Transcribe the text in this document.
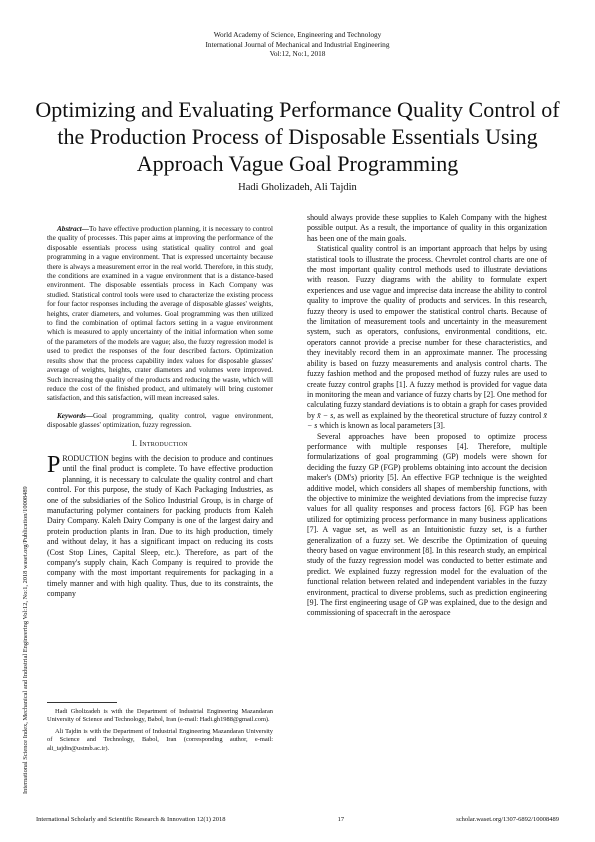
World Academy of Science, Engineering and Technology
International Journal of Mechanical and Industrial Engineering
Vol:12, No:1, 2018
Optimizing and Evaluating Performance Quality Control of the Production Process of Disposable Essentials Using Approach Vague Goal Programming
Hadi Gholizadeh, Ali Tajdin
International Science Index, Mechanical and Industrial Engineering Vol:12, No:1, 2018 waset.org/Publication/10008489

Abstract—To have effective production planning, it is necessary to control the quality of processes. This paper aims at improving the performance of the disposable essentials process using statistical quality control and goal programming in a vague environment. That is expressed uncertainty because there is always a measurement error in the real world. Therefore, in this study, the conditions are examined in a vague environment that is a distance-based environment. The disposable essentials process in Kach Company was studied. Statistical control tools were used to characterize the existing process for four factor responses including the average of disposable glasses' weights, heights, crater diameters, and volumes. Goal programming was then utilized to find the combination of optimal factors setting in a vague environment which is measured to apply uncertainty of the initial information when some of the parameters of the models are vague; also, the fuzzy regression model is used to predict the responses of the four described factors. Optimization results show that the process capability index values for disposable glasses' average of weights, heights, crater diameters and volumes were improved. Such increasing the quality of the products and reducing the waste, which will reduce the cost of the finished product, and ultimately will bring customer satisfaction, and this satisfaction, will mean increased sales.

Keywords—Goal programming, quality control, vague environment, disposable glasses' optimization, fuzzy regression.

I. Introduction

PRODUCTION begins with the decision to produce and continues until the final product is complete. To have effective production planning, it is necessary to calculate the quality control and chart control. For this purpose, the study of Kach Packaging Industries, as one of the subsidiaries of the Solico Industrial Group, is in charge of manufacturing polymer containers for packing products from Kaleh Dairy Company. Kaleh Dairy Company is one of the largest dairy and protein production plants in Iran. Due to its high production, timely and without delay, it has a significant impact on reducing its costs (Cost Stop Lines, Capital Sleep, etc.). Therefore, as part of the company's supply chain, Kach Company is required to provide the company with the most important requirements for packaging in a timely manner and with high quality. Thus, due to its constraints, the company

Hadi Gholizadeh is with the Department of Industrial Engineering Mazandaran University of Science and Technology, Babol, Iran (e-mail: Hadi.gh1988@gmail.com).

Ali Tajdin is with the Department of Industrial Engineering Mazandaran University of Science and Technology, Babol, Iran (corresponding author, e-mail: ali_tajdin@ustmb.ac.ir).

should always provide these supplies to Kaleh Company with the highest possible output. As a result, the importance of quality in this organization has been one of the main goals.

Statistical quality control is an important approach that helps by using statistical tools to illustrate the process. Chevrolet control charts are one of the most important quality control methods used to illustrate deviations with reason. Fuzzy diagrams with the ability to formulate expert experiences and use vague and imprecise data increase the ability to control quality to improve the quality of products and services. In this research, fuzzy theory is used to empower the statistical control charts. Because of the limitation of measurement tools and uncertainty in the measurement system, such as operators, confusions, environmental conditions, etc. operators cannot provide a precise number for these characteristics, and they inevitably record them in an approximate manner. The processing ability is based on fuzzy measurements and analysis control charts. The fuzzy fashion method and the proposed method of fuzzy rules are used to create fuzzy control graphs [1]. A fuzzy method is provided for vague data in monitoring the mean and variance of fuzzy charts by [2]. One method for calculating fuzzy standard deviations is to obtain a graph for cases provided by x̄ − s, as well as explained by the theoretical structure of fuzzy control x̄ − s which is known as local parameters [3].

Several approaches have been proposed to optimize process performance with multiple responses [4]. Therefore, multiple formularizations of goal programming (GP) models were shown for deciding the fuzzy GP (FGP) problems obtaining into account the decision maker's (DM's) priority [5]. An effective FGP technique is the weighted additive model, which considers all shapes of membership functions, with the objective to minimize the weighted deviations from the imprecise fuzzy values for all quality responses and process factors [6]. FGP has been utilized for optimizing process performance in many business applications [7]. A vague set, as well as an Intuitionistic fuzzy set, is a further generalization of a fuzzy set. We describe the Optimization of queuing theory based on vague environment [8]. In this research study, an empirical study of the fuzzy regression model was conducted to better estimate and predict. We explained fuzzy regression model for the evaluation of the functional relation between related and independent variables in the fuzzy environment, practical to diverse problems, such as prediction engineering [9]. The first engineering usage of GP was explained, due to the design and commissioning of spacecraft in the aerospace

International Scholarly and Scientific Research & Innovation 12(1) 2018	17	scholar.waset.org/1307-6892/10008489
